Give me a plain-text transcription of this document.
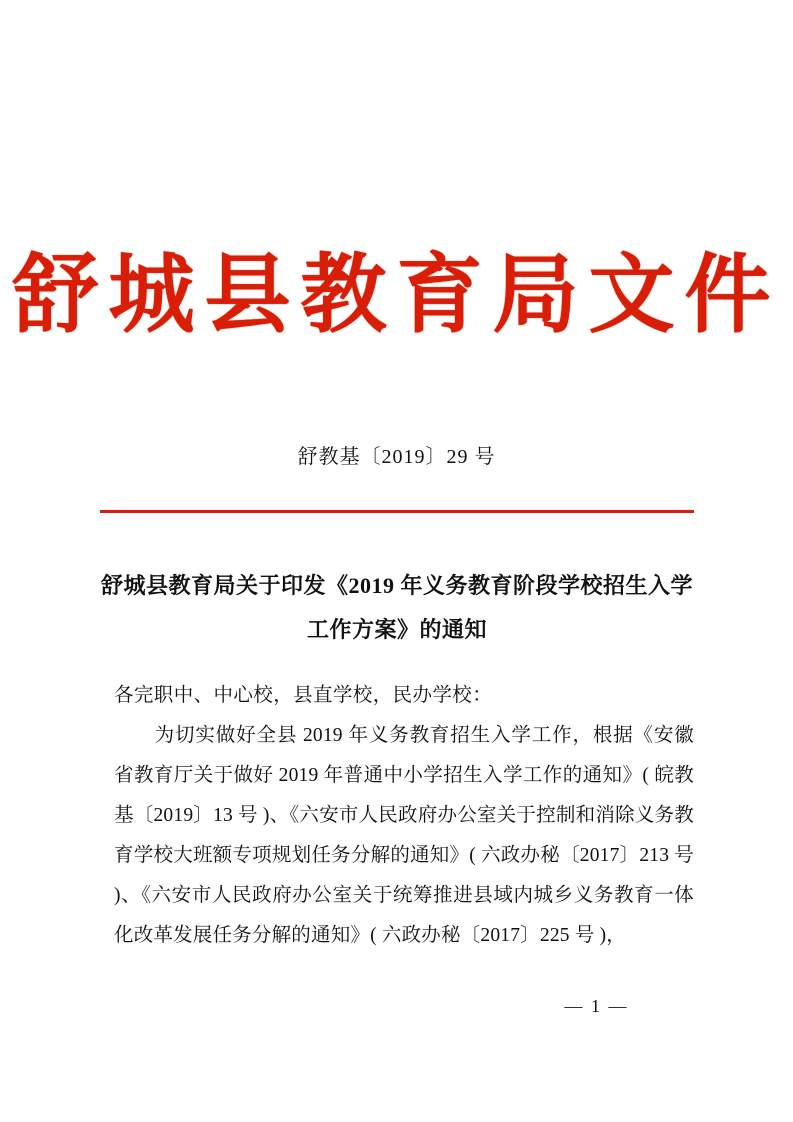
舒城县教育局文件
舒教基〔2019〕29 号
舒城县教育局关于印发《2019 年义务教育阶段学校招生入学
工作方案》的通知
各完职中、中心校，县直学校，民办学校：
为切实做好全县 2019 年义务教育招生入学工作，根据《安徽省教育厅关于做好 2019 年普通中小学招生入学工作的通知》( 皖教基〔2019〕13 号 )、《六安市人民政府办公室关于控制和消除义务教育学校大班额专项规划任务分解的通知》( 六政办秘〔2017〕213 号 )、《六安市人民政府办公室关于统筹推进县域内城乡义务教育一体化改革发展任务分解的通知》( 六政办秘〔2017〕225 号 )，
— 1 —
